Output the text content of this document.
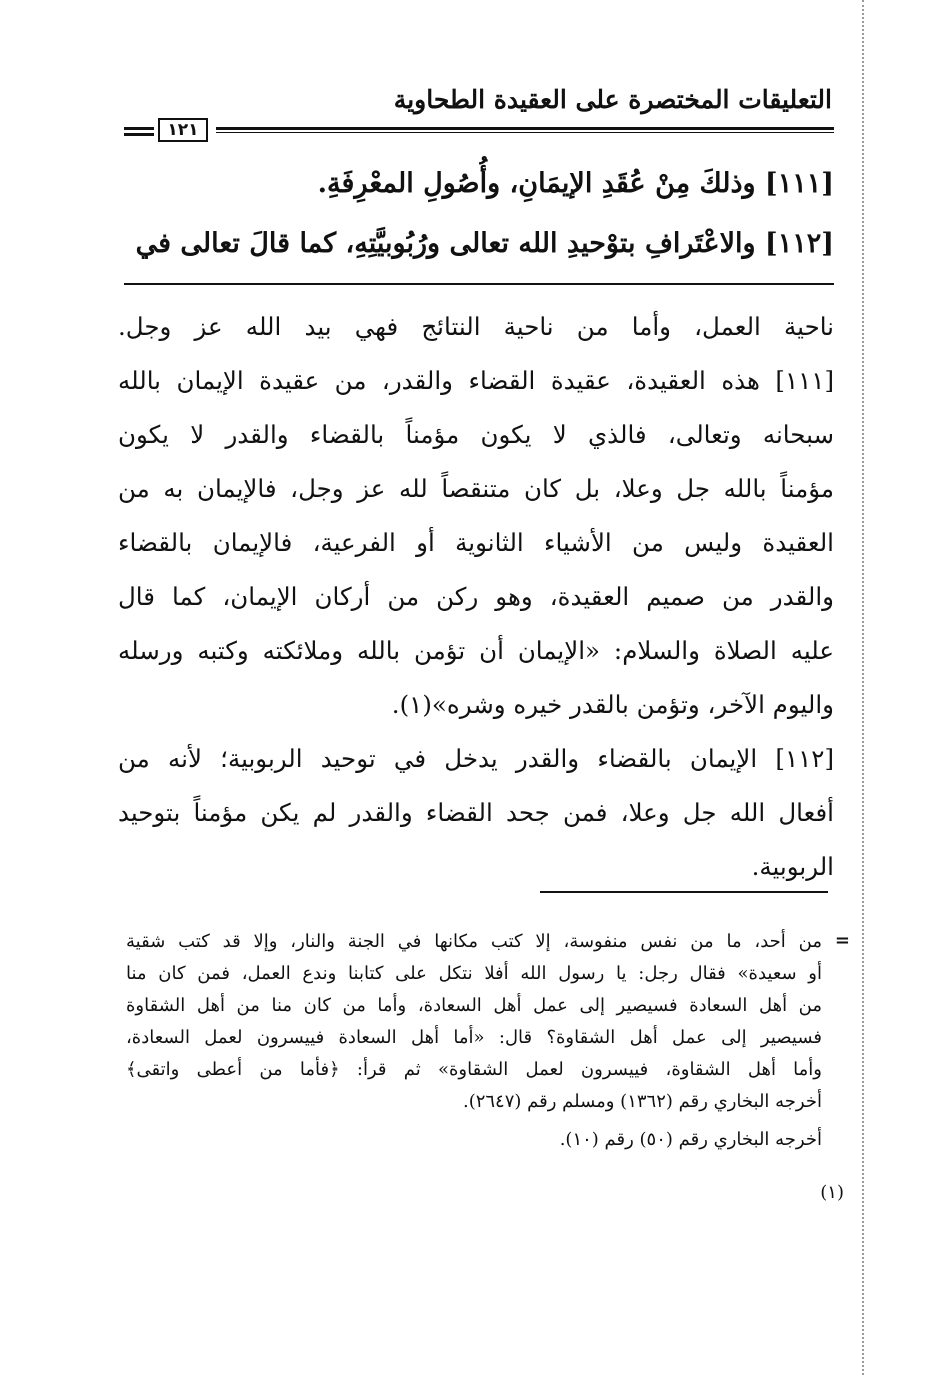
التعليقات المختصرة على العقيدة الطحاوية
١٢١
[١١١] وذلكَ مِنْ عُقَدِ الإيمَانِ، وأُصُولِ المعْرِفَةِ.
[١١٢] والاعْتَرافِ بتوْحيدِ الله تعالى ورُبُوبيَّتِهِ، كما قالَ تعالى في
ناحية العمل، وأما من ناحية النتائج فهي بيد الله عز وجل.
[١١١] هذه العقيدة، عقيدة القضاء والقدر، من عقيدة الإيمان بالله
سبحانه وتعالى، فالذي لا يكون مؤمناً بالقضاء والقدر لا يكون
مؤمناً بالله جل وعلا، بل كان متنقصاً لله عز وجل، فالإيمان به من
العقيدة وليس من الأشياء الثانوية أو الفرعية، فالإيمان بالقضاء
والقدر من صميم العقيدة، وهو ركن من أركان الإيمان، كما قال
عليه الصلاة والسلام: «الإيمان أن تؤمن بالله وملائكته وكتبه ورسله
واليوم الآخر، وتؤمن بالقدر خيره وشره»(١).
[١١٢] الإيمان بالقضاء والقدر يدخل في توحيد الربوبية؛ لأنه من
أفعال الله جل وعلا، فمن جحد القضاء والقدر لم يكن مؤمناً بتوحيد
الربوبية.
=
من أحد، ما من نفس منفوسة، إلا كتب مكانها في الجنة والنار، وإلا قد كتب شقية
أو سعيدة» فقال رجل: يا رسول الله أفلا نتكل على كتابنا وندع العمل، فمن كان منا
من أهل السعادة فسيصير إلى عمل أهل السعادة، وأما من كان منا من أهل الشقاوة
فسيصير إلى عمل أهل الشقاوة؟ قال: «أما أهل السعادة فييسرون لعمل السعادة،
وأما أهل الشقاوة، فييسرون لعمل الشقاوة» ثم قرأ: ﴿فأما من أعطى واتقى﴾
أخرجه البخاري رقم (١٣٦٢) ومسلم رقم (٢٦٤٧).
أخرجه البخاري رقم (٥٠) رقم (١٠).
(١)
